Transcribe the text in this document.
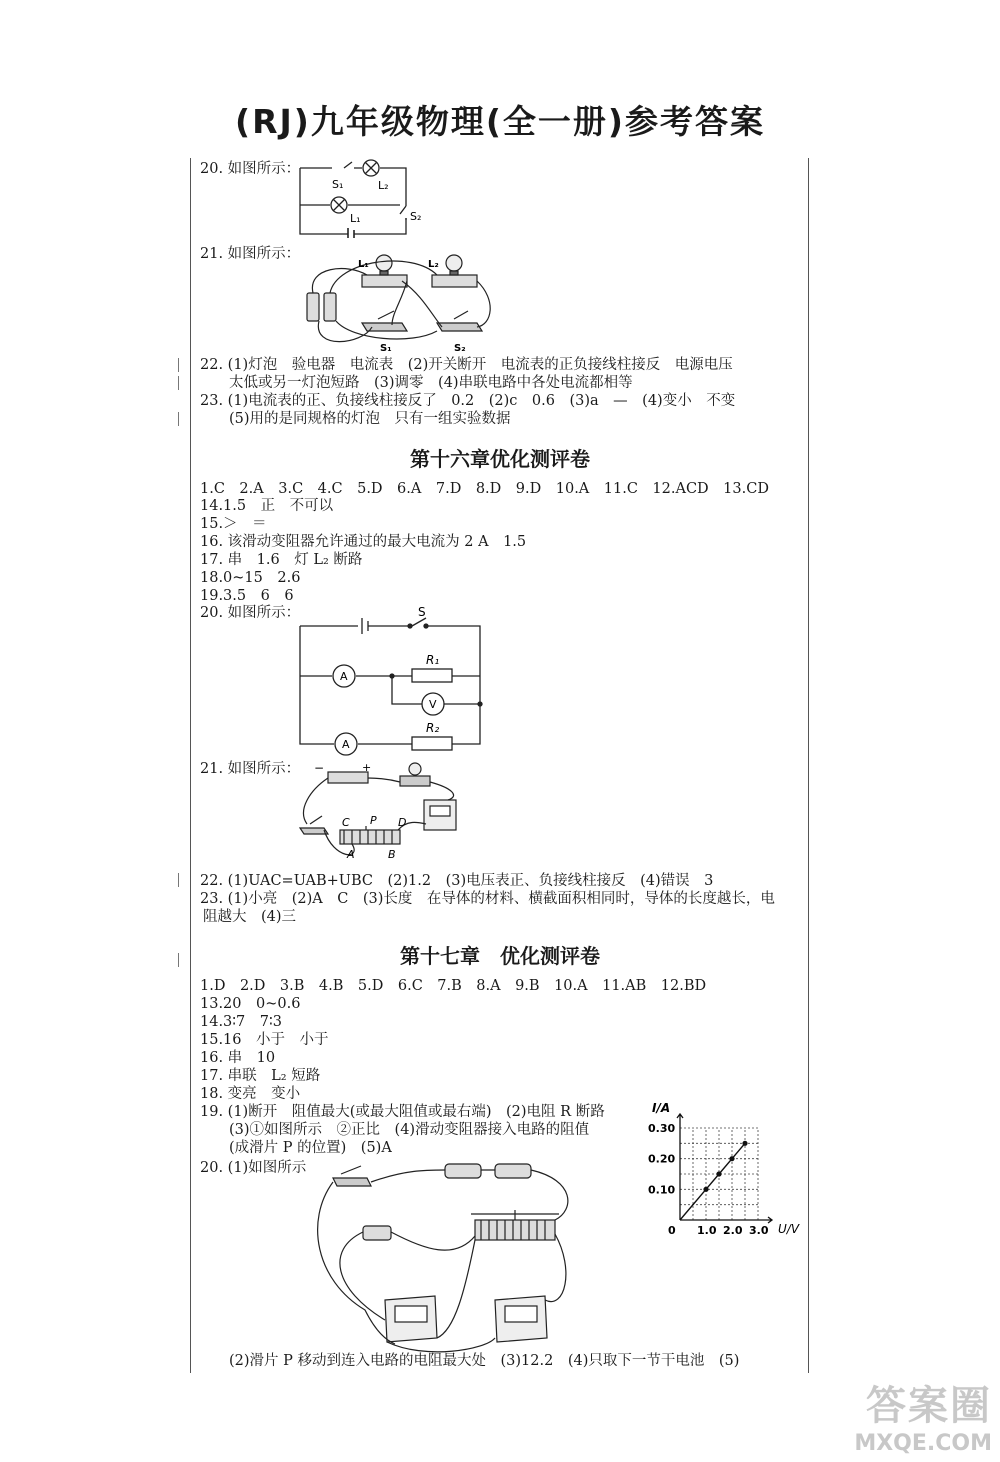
(RJ)九年级物理(全一册)参考答案
20. 如图所示：
S₁	L₂
L₁	S₂
21. 如图所示：
L₁	L₂
S₁	S₂
22. (1)灯泡　验电器　电流表　(2)开关断开　电流表的正负接线柱接反　电源电压
太低或另一灯泡短路　(3)调零　(4)串联电路中各处电流都相等
23. (1)电流表的正、负接线柱接反了　0.2　(2)c　0.6　(3)a　—　(4)变小　不变
(5)用的是同规格的灯泡　只有一组实验数据
第十六章优化测评卷
1.C　2.A　3.C　4.C　5.D　6.A　7.D　8.D　9.D　10.A　11.C　12.ACD　13.CD
14.1.5　正　不可以
15.＞　＝
16. 该滑动变阻器允许通过的最大电流为 2 A　1.5
17. 串　1.6　灯 L₂ 断路
18.0~15　2.6
19.3.5　6　6
20. 如图所示：	S
R₁
R₂
A
V
A
21. 如图所示： −	+
C P D
A	B
22. (1)UAC=UAB+UBC　(2)1.2　(3)电压表正、负接线柱接反　(4)错误　3
23. (1)小亮　(2)A　C　(3)长度　在导体的材料、横截面积相同时，导体的长度越长，电
阻越大　(4)三
第十七章　优化测评卷
1.D　2.D　3.B　4.B　5.D　6.C　7.B　8.A　9.B　10.A　11.AB　12.BD
13.20　0~0.6
14.3∶7　7∶3
15.16　小于　小于
16. 串　10
17. 串联　L₂ 短路
18. 变亮　变小
19. (1)断开　阻值最大(或最大阻值或最右端)　(2)电阻 R 断路
(3)①如图所示　②正比　(4)滑动变阻器接入电路的阻值
(成滑片 P 的位置)　(5)A
20. (1)如图所示
0 1.0 2.0 3.0
0.10
0.20
0.30
I/A
U/V
(2)滑片 P 移动到连入电路的电阻最大处　(3)12.2　(4)只取下一节干电池　(5)
答案圈
MXQE.COM
